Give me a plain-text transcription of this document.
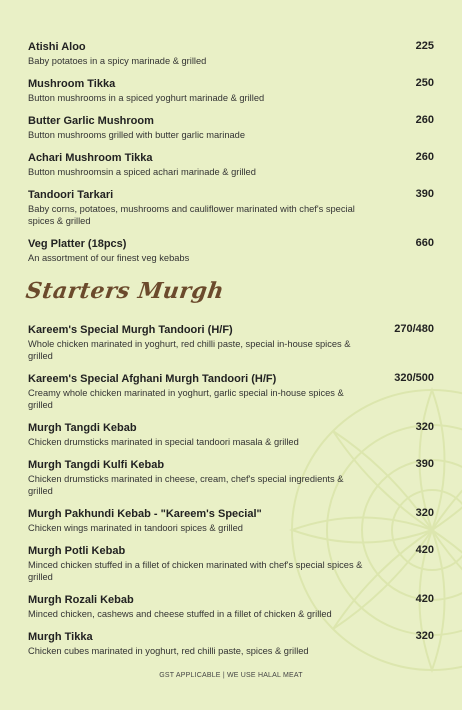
Atishi Aloo
Baby potatoes in a spicy marinade & grilled
225
Mushroom Tikka
Button mushrooms in a spiced yoghurt marinade & grilled
250
Butter Garlic Mushroom
Button mushrooms grilled with butter garlic marinade
260
Achari Mushroom Tikka
Button mushroomsin a spiced achari marinade & grilled
260
Tandoori Tarkari
Baby corns, potatoes, mushrooms and cauliflower marinated with chef's special spices & grilled
390
Veg Platter (18pcs)
An assortment of our finest veg kebabs
660
Starters Murgh
Kareem's Special Murgh Tandoori (H/F)
Whole chicken marinated in yoghurt, red chilli paste, special in-house spices & grilled
270/480
Kareem's Special Afghani Murgh Tandoori (H/F)
Creamy whole chicken marinated in yoghurt, garlic special in-house spices & grilled
320/500
Murgh Tangdi Kebab
Chicken drumsticks marinated in special tandoori masala & grilled
320
Murgh Tangdi Kulfi Kebab
Chicken drumsticks marinated in cheese, cream, chef's special ingredients & grilled
390
Murgh Pakhundi Kebab - "Kareem's Special"
Chicken wings marinated in tandoori spices & grilled
320
Murgh Potli Kebab
Minced chicken stuffed in a fillet of chicken marinated with chef's special spices & grilled
420
Murgh Rozali Kebab
Minced chicken, cashews and cheese stuffed in a fillet of chicken & grilled
420
Murgh Tikka
Chicken cubes marinated in yoghurt, red chilli paste, spices & grilled
320
GST APPLICABLE | WE USE HALAL MEAT
